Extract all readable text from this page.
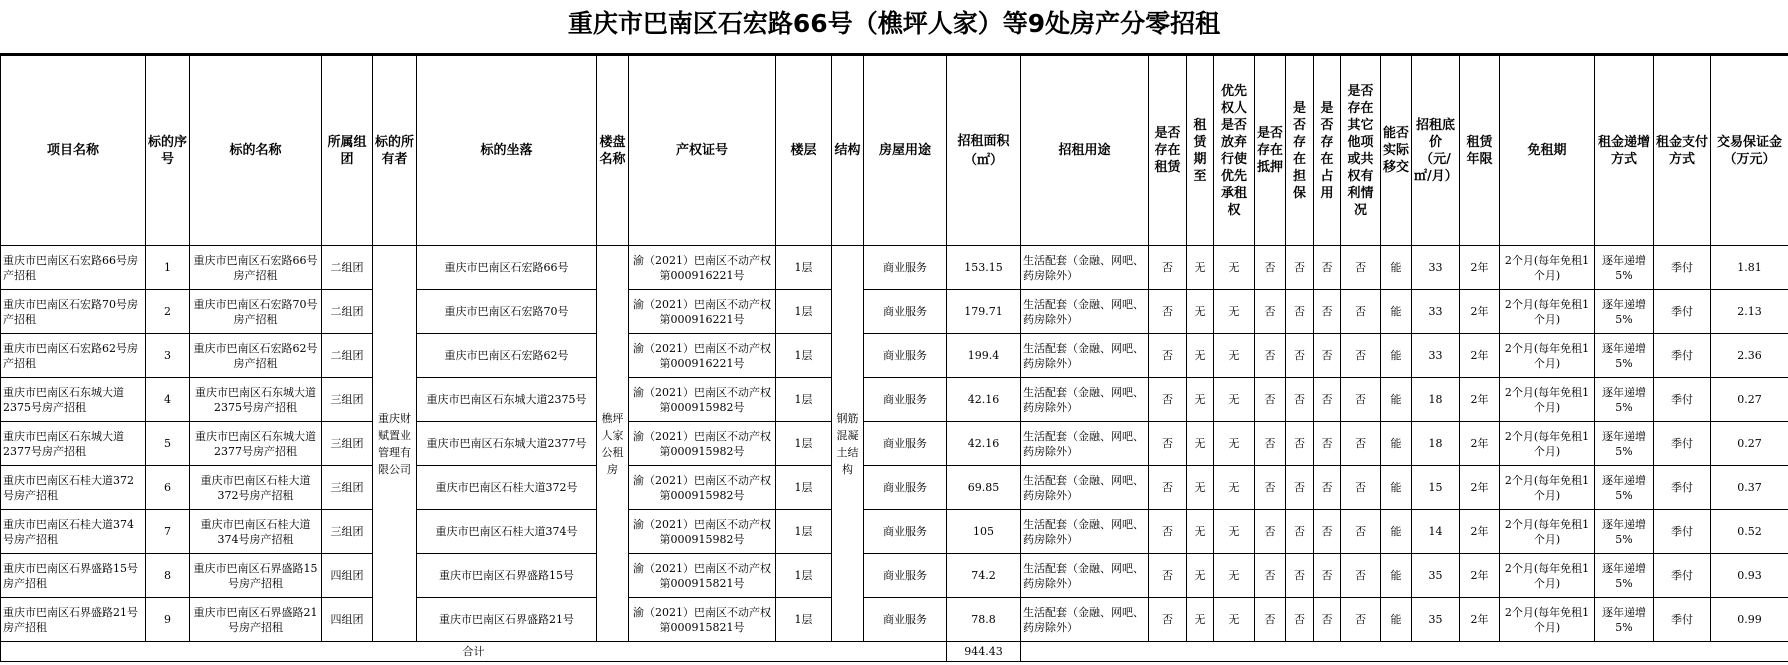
重庆市巴南区石宏路66号（樵坪人家）等9处房产分零招租
项目名称	标的序号	标的名称	所属组团	标的所有者	标的坐落	楼盘名称	产权证号	楼层	结构	房屋用途	招租面积（㎡）	招租用途	是否存在租赁	租赁期至	优先权人是否放弃行使优先承租权	是否存在抵押	是否存在担保	是否存在占用	是否存在其它他项或共权有利情况	能否实际移交	招租底价（元/㎡/月）	租赁年限	免租期	租金递增方式	租金支付方式	交易保证金（万元）
重庆市巴南区石宏路66号房产招租	1	重庆市巴南区石宏路66号房产招租	二组团	重庆财赋置业管理有限公司	重庆市巴南区石宏路66号	樵坪人家公租房	渝（2021）巴南区不动产权第000916221号	1层	钢筋混凝土结构	商业服务	153.15	生活配套（金融、网吧、药房除外）	否	无	无	否	否	否	否	能	33	2年	2个月(每年免租1个月)	逐年递增5%	季付	1.81
重庆市巴南区石宏路70号房产招租	2	重庆市巴南区石宏路70号房产招租	二组团		重庆市巴南区石宏路70号		渝（2021）巴南区不动产权第000916221号	1层		商业服务	179.71	生活配套（金融、网吧、药房除外）	否	无	无	否	否	否	否	能	33	2年	2个月(每年免租1个月)	逐年递增5%	季付	2.13
重庆市巴南区石宏路62号房产招租	3	重庆市巴南区石宏路62号房产招租	二组团		重庆市巴南区石宏路62号		渝（2021）巴南区不动产权第000916221号	1层		商业服务	199.4	生活配套（金融、网吧、药房除外）	否	无	无	否	否	否	否	能	33	2年	2个月(每年免租1个月)	逐年递增5%	季付	2.36
重庆市巴南区石东城大道2375号房产招租	4	重庆市巴南区石东城大道2375号房产招租	三组团		重庆市巴南区石东城大道2375号		渝（2021）巴南区不动产权第000915982号	1层		商业服务	42.16	生活配套（金融、网吧、药房除外）	否	无	无	否	否	否	否	能	18	2年	2个月(每年免租1个月)	逐年递增5%	季付	0.27
重庆市巴南区石东城大道2377号房产招租	5	重庆市巴南区石东城大道2377号房产招租	三组团		重庆市巴南区石东城大道2377号		渝（2021）巴南区不动产权第000915982号	1层		商业服务	42.16	生活配套（金融、网吧、药房除外）	否	无	无	否	否	否	否	能	18	2年	2个月(每年免租1个月)	逐年递增5%	季付	0.27
重庆市巴南区石桂大道372号房产招租	6	重庆市巴南区石桂大道372号房产招租	三组团		重庆市巴南区石桂大道372号		渝（2021）巴南区不动产权第000915982号	1层		商业服务	69.85	生活配套（金融、网吧、药房除外）	否	无	无	否	否	否	否	能	15	2年	2个月(每年免租1个月)	逐年递增5%	季付	0.37
重庆市巴南区石桂大道374号房产招租	7	重庆市巴南区石桂大道374号房产招租	三组团		重庆市巴南区石桂大道374号		渝（2021）巴南区不动产权第000915982号	1层		商业服务	105	生活配套（金融、网吧、药房除外）	否	无	无	否	否	否	否	能	14	2年	2个月(每年免租1个月)	逐年递增5%	季付	0.52
重庆市巴南区石界盛路15号房产招租	8	重庆市巴南区石界盛路15号房产招租	四组团		重庆市巴南区石界盛路15号		渝（2021）巴南区不动产权第000915821号	1层		商业服务	74.2	生活配套（金融、网吧、药房除外）	否	无	无	否	否	否	否	能	35	2年	2个月(每年免租1个月)	逐年递增5%	季付	0.93
重庆市巴南区石界盛路21号房产招租	9	重庆市巴南区石界盛路21号房产招租	四组团		重庆市巴南区石界盛路21号		渝（2021）巴南区不动产权第000915821号	1层		商业服务	78.8	生活配套（金融、网吧、药房除外）	否	无	无	否	否	否	否	能	35	2年	2个月(每年免租1个月)	逐年递增5%	季付	0.99
合计											944.43															
